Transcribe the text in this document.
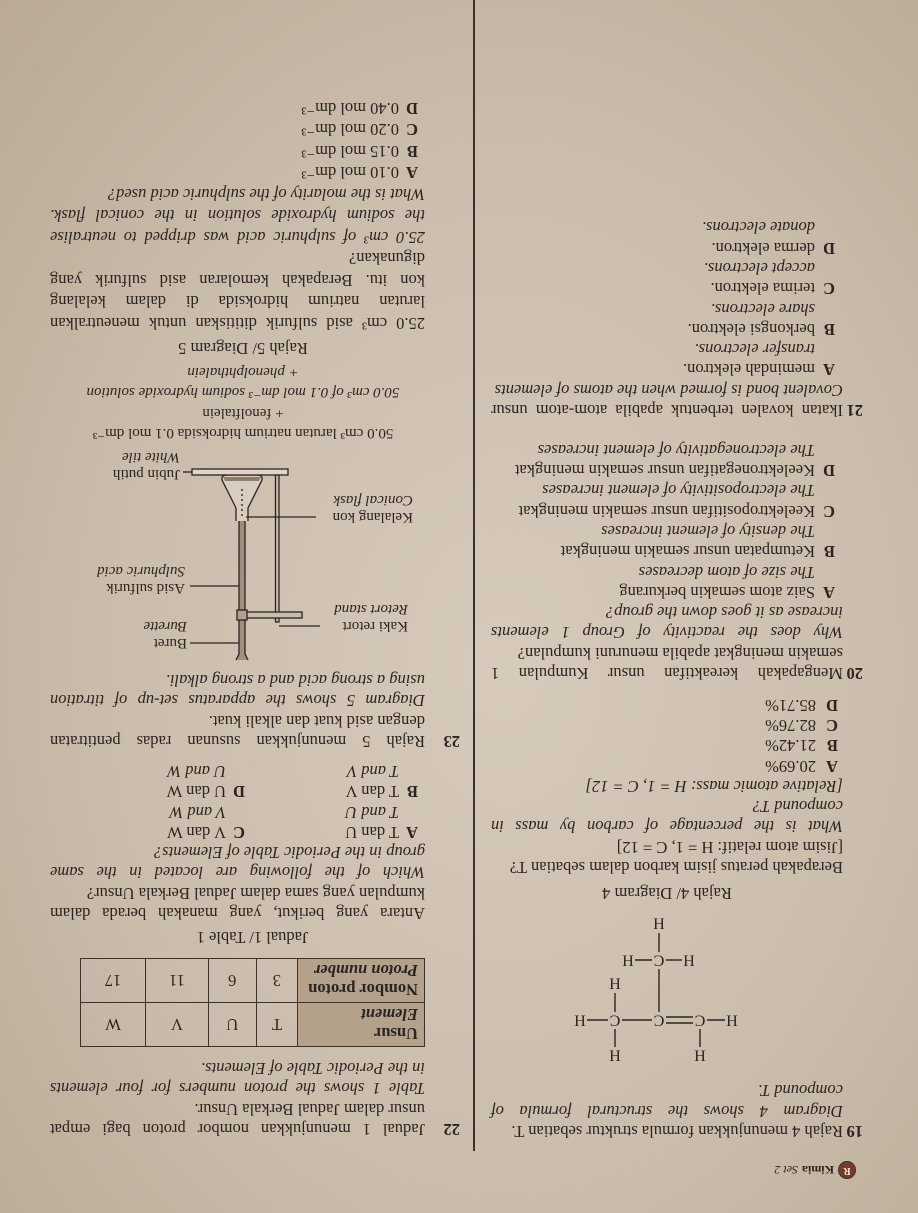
R
Kimia
Set 2
19
Rajah 4 menunjukkan formula struktur sebatian T.
Diagram 4 shows the structural formula of
compound T.
H
H
H
C
C
C
H
H
H
C
H
H
Rajah 4/ Diagram 4
Berapakah peratus jisim karbon dalam sebatian T?
[Jisim atom relatif: H = 1, C = 12]
What is the percentage of carbon by mass in
compound T?
[Relative atomic mass: H = 1, C = 12]
A
20.69%
B
21.42%
C
82.76%
D
85.71%
20
Mengapakah kereaktifan unsur Kumpulan 1
semakin meningkat apabila menuruni kumpulan?
Why does the reactivity of Group 1 elements
increase as it goes down the group?
A
Saiz atom semakin berkurang
The size of atom decreases
B
Ketumpatan unsur semakin meningkat
The density of element increases
C
Keelektropositifan unsur semakin meningkat
The electropositivity of element increases
D
Keelektronegatifan unsur semakin meningkat
The electronegativity of element increases
21
Ikatan kovalen terbentuk apabila atom-atom unsur
Covalent bond is formed when the atoms of elements
A
memindah elektron.
transfer electrons.
B
berkongsi elektron.
share electrons.
C
terima elektron.
accept electrons.
D
derma elektron.
donate electrons.
22
Jadual 1 menunjukkan nombor proton bagi empat
unsur dalam Jadual Berkala Unsur.
Table 1 shows the proton numbers for four elements
in the Periodic Table of Elements.
Unsur
Element	T	U	V	W

Nombor proton
Proton number	3	6	11	17
Jadual 1/ Table 1
Antara yang berikut, yang manakah berada dalam
kumpulan yang sama dalam Jadual Berkala Unsur?
Which of the following are located in the same
group in the Periodic Table of Elements?
A
T dan U
T and U
C
V dan W
V and W
B
T dan V
T and V
D
U dan W
U and W
23
Rajah 5 menunjukkan susunan radas pentitratan
dengan asid kuat dan alkali kuat.
Diagram 5 shows the apparatus set-up of titration
using a strong acid and a strong alkali.
Buret
Burette	Kaki retort
Retort stand
Asid sulfurik
Sulphuric acid
Kelalang kon
Conical flask
Jubin putih
White tile
50.0 cm³ larutan natrium hidroksida 0.1 mol dm⁻³
+ fenolftalein
50.0 cm³ of 0.1 mol dm⁻³ sodium hydroxide solution
+ phenolphthalein
Rajah 5/ Diagram 5
25.0 cm³ asid sulfurik dititiskan untuk meneutralkan
larutan natrium hidroksida di dalam kelalang
kon itu. Berapakah kemolaran asid sulfurik yang
digunakan?
25.0 cm³ of sulphuric acid was dripped to neutralise
the sodium hydroxide solution in the conical flask.
What is the molarity of the sulphuric acid used?
A
0.10 mol dm⁻³
B
0.15 mol dm⁻³
C
0.20 mol dm⁻³
D
0.40 mol dm⁻³
